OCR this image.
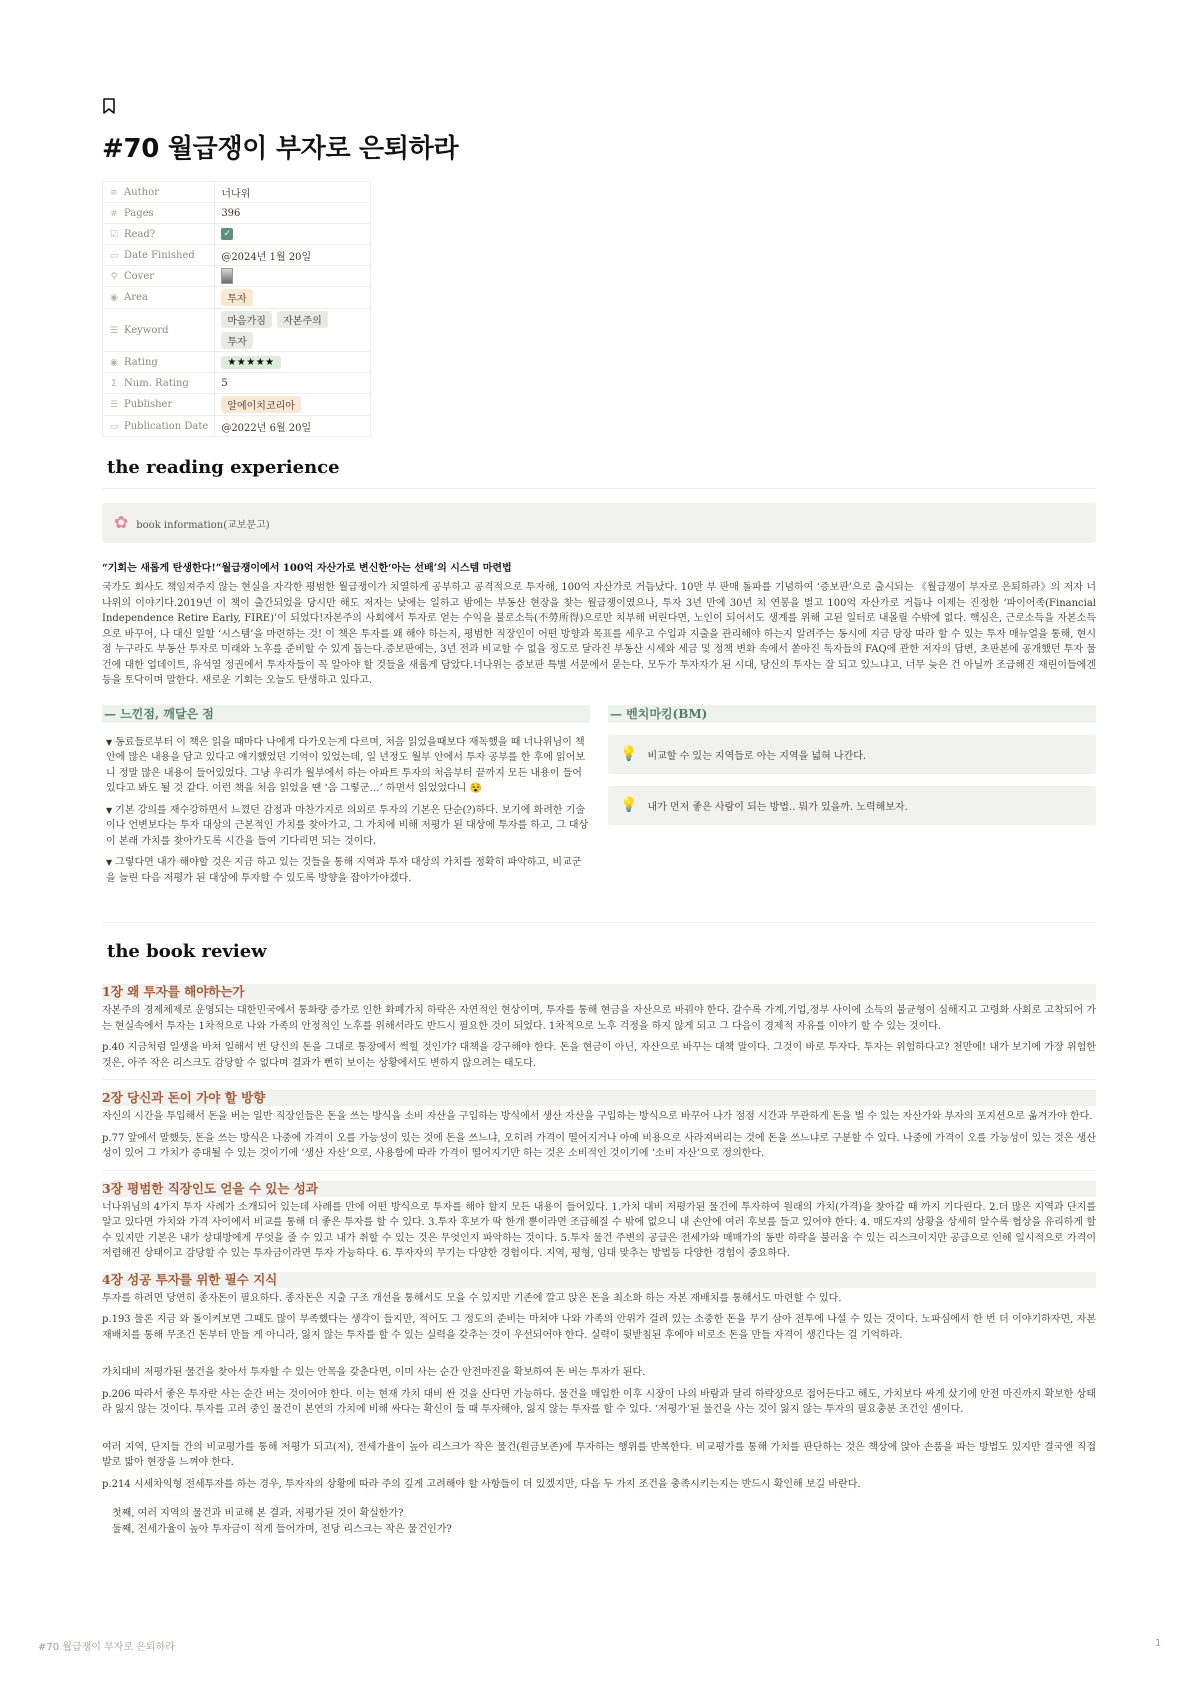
#70 월급쟁이 부자로 은퇴하라
≡ Author	너나위
# Pages	396
☑ Read?	✓
▭ Date Finished	@2024년 1월 20일
⚲ Cover	
◉ Area	투자
☰ Keyword	마음가짐 자본주의 투자
◉ Rating	★★★★★
Σ Num. Rating	5
☰ Publisher	알에이치코리아
▭ Publication Date	@2022년 6월 20일
the reading experience
✿ book information(교보문고)

“기회는 새롭게 탄생한다!”월급쟁이에서 100억 자산가로 변신한‘아는 선배’의 시스템 마련법

국가도 회사도 책임져주지 않는 현실을 자각한 평범한 월급쟁이가 치열하게 공부하고 공격적으로 투자해, 100억 자산가로 거듭났다. 10만 부 판매 돌파를 기념하여 ‘증보판’으로 출시되는 《월급쟁이 부자로 은퇴하라》의 저자 너나위의 이야기다.2019년 이 책이 출간되었을 당시만 해도 저자는 낮에는 일하고 밤에는 부동산 현장을 찾는 월급쟁이였으나, 투자 3년 만에 30년 치 연봉을 벌고 100억 자산가로 거듭나 이제는 진정한 ‘파이어족(Financial Independence Retire Early, FIRE)’이 되었다!자본주의 사회에서 투자로 얻는 수익을 불로소득(不勞所得)으로만 치부해 버린다면, 노인이 되어서도 생계를 위해 고된 일터로 내몰릴 수밖에 없다. 핵심은, 근로소득을 자본소득으로 바꾸어, 나 대신 일할 ‘시스템’을 마련하는 것! 이 책은 투자를 왜 해야 하는지, 평범한 직장인이 어떤 방향과 목표를 세우고 수입과 지출을 관리해야 하는지 알려주는 동시에 지금 당장 따라 할 수 있는 투자 매뉴얼을 통해, 현시점 누구라도 부동산 투자로 미래와 노후를 준비할 수 있게 돕는다.증보판에는, 3년 전과 비교할 수 없을 정도로 달라진 부동산 시세와 세금 및 정책 변화 속에서 쏟아진 독자들의 FAQ에 관한 저자의 답변, 초판본에 공개했던 투자 물건에 대한 업데이트, 유석열 정권에서 투자자들이 꼭 알아야 할 것들을 새롭게 담았다.너나위는 증보판 특별 서문에서 묻는다. 모두가 투자자가 된 시대, 당신의 투자는 잘 되고 있느냐고, 너무 늦은 건 아닐까 조급해진 재린이들에겐 등을 토닥이며 말한다. 새로운 기회는 오늘도 탄생하고 있다고.

— 느낀점, 깨달은 점
▼ 동료들로부터 이 책은 읽을 때마다 나에게 다가오는게 다르며, 처음 읽었을때보다 재독했을 때 너나위님이 책 안에 많은 내용을 담고 있다고 얘기했었던 기억이 있었는데, 일 년정도 월부 안에서 투자 공부를 한 후에 읽어보니 정말 많은 내용이 들어있었다. 그냥 우리가 월부에서 하는 아파트 투자의 처음부터 끝까지 모든 내용이 들어있다고 봐도 될 것 같다. 이런 책을 처음 읽었을 땐 ‘음 그렇군…’ 하면서 읽었었다니 😵
▼ 기본 강의를 재수강하면서 느꼈던 감정과 마찬가지로 의외로 투자의 기본은 단순(?)하다. 보기에 화려한 기술이나 언변보다는 투자 대상의 근본적인 가치를 찾아가고, 그 가치에 비해 저평가 된 대상에 투자를 하고, 그 대상이 본래 가치를 찾아가도록 시간을 들여 기다리면 되는 것이다.
▼ 그렇다면 내가 해야할 것은 지금 하고 있는 것들을 통해 지역과 투자 대상의 가치를 정확히 파악하고, 비교군을 늘린 다음 저평가 된 대상에 투자할 수 있도록 방향을 잡아가야겠다.
— 벤치마킹(BM)
💡 비교할 수 있는 지역들로 아는 지역을 넓혀 나간다.
💡 내가 먼저 좋은 사람이 되는 방법.. 뭐가 있을까. 노력해보자.
the book review
1장 왜 투자를 해야하는가

자본주의 경제체제로 운영되는 대한민국에서 통화량 증가로 인한 화폐가치 하락은 자연적인 현상이며, 투자를 통해 현금을 자산으로 바꿔야 한다. 갈수록 가계,기업,정부 사이에 소득의 불균형이 심해지고 고령화 사회로 고착되어 가는 현실속에서 투자는 1차적으로 나와 가족의 안정적인 노후를 위해서라도 반드시 필요한 것이 되었다. 1차적으로 노후 걱정을 하지 않게 되고 그 다음이 경제적 자유를 이야기 할 수 있는 것이다.

p.40 지금처럼 일생을 바쳐 일해서 번 당신의 돈을 그대로 통장에서 썩힐 것인가? 대책을 강구해야 한다. 돈을 현금이 아닌, 자산으로 바꾸는 대책 말이다. 그것이 바로 투자다. 투자는 위험하다고? 천만에! 내가 보기에 가장 위험한 것은, 아주 작은 리스크도 감당할 수 없다며 결과가 뻔히 보이는 상황에서도 변하지 않으려는 태도다.

2장 당신과 돈이 가야 할 방향

자신의 시간을 투입해서 돈을 버는 일반 직장인들은 돈을 쓰는 방식을 소비 자산을 구입하는 방식에서 생산 자산을 구입하는 방식으로 바꾸어 나가 점점 시간과 무관하게 돈을 벌 수 있는 자산가와 부자의 포지션으로 옮겨가야 한다.

p.77 앞에서 말했듯, 돈을 쓰는 방식은 나중에 가격이 오를 가능성이 있는 것에 돈을 쓰느냐, 오히려 가격이 떨어지거나 아예 비용으로 사라져버리는 것에 돈을 쓰느냐로 구분할 수 있다. 나중에 가격이 오를 가능성이 있는 것은 생산성이 있어 그 가치가 증대될 수 있는 것이기에 ‘생산 자산’으로, 사용함에 따라 가격이 떨어지기만 하는 것은 소비적인 것이기에 ‘소비 자산’으로 정의한다.

3장 평범한 직장인도 얻을 수 있는 성과

너나위님의 4가지 투자 사례가 소개되어 있는데 사례를 만에 어떤 방식으로 투자를 해야 할지 모든 내용이 들어있다. 1.가치 대비 저평가된 물건에 투자하여 원래의 가치(가격)을 찾아갈 때 까지 기다린다. 2.더 많은 지역과 단지를 알고 있다면 가치와 가격 사이에서 비교를 통해 더 좋은 투자를 할 수 있다. 3.투자 후보가 딱 한개 뿐이라면 조급해질 수 밖에 없으니 내 손안에 여러 후보를 들고 있어야 한다. 4. 매도자의 상황을 상세히 알수록 협상을 유리하게 할 수 있지만 기본은 내가 상대방에게 무엇을 줄 수 있고 내가 취할 수 있는 것은 무엇인지 파악하는 것이다. 5.투자 물건 주변의 공급은 전세가와 매매가의 동반 하락을 불러올 수 있는 리스크이지만 공급으로 인해 일시적으로 가격이 저렴해진 상태이고 감당할 수 있는 투자금이라면 투자 가능하다. 6. 투자자의 무기는 다양한 경험이다. 지역, 평형, 임대 맞추는 방법등 다양한 경험이 중요하다.

4장 성공 투자를 위한 필수 지식

투자를 하려면 당연히 종자돈이 필요하다. 종자돈은 지출 구조 개선을 통해서도 모을 수 있지만 기존에 깔고 앉은 돈을 최소화 하는 자본 재배치를 통해서도 마련할 수 있다.

p.193 물론 지금 와 돌이켜보면 그때도 많이 부족했다는 생각이 들지만, 적어도 그 정도의 준비는 마쳐야 나와 가족의 안위가 걸려 있는 소중한 돈을 무기 삼아 전투에 나설 수 있는 것이다. 노파심에서 한 번 더 이야기하자면, 자본 재배치를 통해 무조건 돈부터 만들 게 아니라, 잃지 않는 투자를 할 수 있는 실력을 갖추는 것이 우선되어야 한다. 실력이 뒷받침된 후에야 비로소 돈을 만들 자격이 생긴다는 걸 기억하라.

가치대비 저평가된 물건을 찾아서 투자할 수 있는 안목을 갖춘다면, 이미 사는 순간 안전마진을 확보하여 돈 버는 투자가 된다.

p.206 따라서 좋은 투자란 사는 순간 버는 것이어야 한다. 이는 현재 가치 대비 싼 것을 산다면 가능하다. 물건을 매입한 이후 시장이 나의 바람과 달리 하락장으로 접어든다고 해도, 가치보다 싸게 샀기에 안전 마진까지 확보한 상태라 잃지 않는 것이다. 투자를 고려 중인 물건이 본연의 가치에 비해 싸다는 확신이 들 때 투자해야, 잃지 않는 투자를 할 수 있다. ‘저평가’된 물건을 사는 것이 잃지 않는 투자의 필요충분 조건인 셈이다.

여러 지역, 단지들 간의 비교평가를 통해 저평가 되고(저), 전세가율이 높아 리스크가 작은 물건(원금보존)에 투자하는 행위를 반복한다. 비교평가를 통해 가치를 판단하는 것은 책상에 앉아 손품을 파는 방법도 있지만 결국엔 직접 발로 밟아 현장을 느껴야 한다.

p.214 시세차익형 전세투자를 하는 경우, 투자자의 상황에 따라 주의 깊게 고려해야 할 사항들이 더 있겠지만, 다음 두 가지 조건을 충족시키는지는 반드시 확인해 보길 바란다.

첫째, 여러 지역의 물건과 비교해 본 결과, 저평가된 것이 확실한가?

둘째, 전세가율이 높아 투자금이 적게 들어가며, 전당 리스크는 작은 물건인가?

#70 월급쟁이 부자로 은퇴하라	1
